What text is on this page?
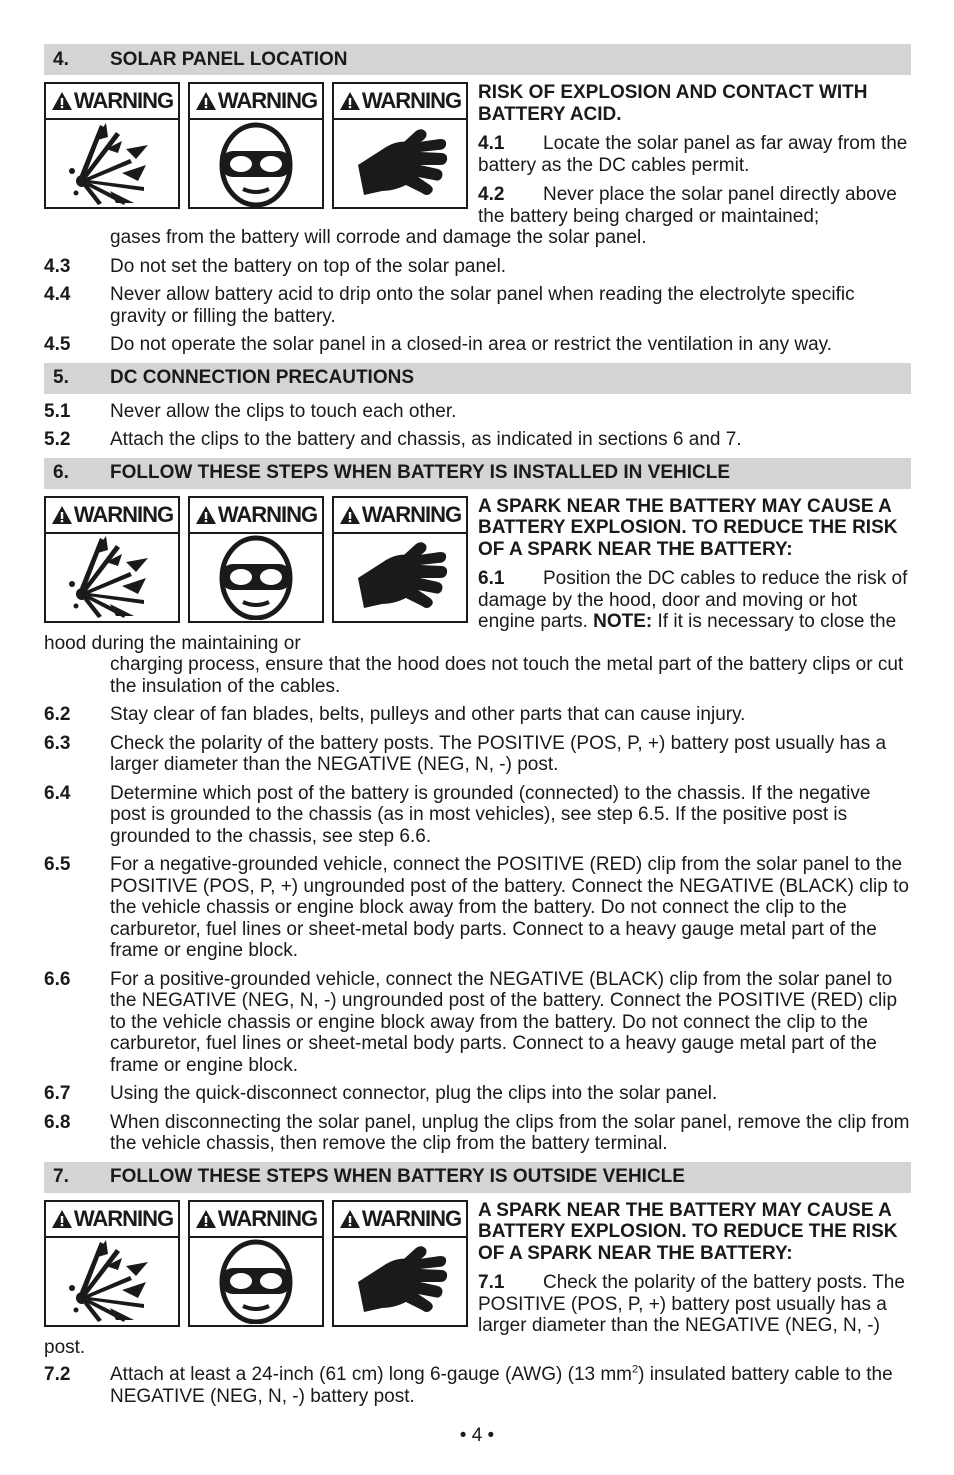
4.	SOLAR PANEL LOCATION
WARNING WARNING WARNING RISK OF EXPLOSION AND CONTACT WITH BATTERY ACID.
4.1 Locate the solar panel as far away from the battery as the DC cables permit.
4.2 Never place the solar panel directly above the battery being charged or maintained;
gases from the battery will corrode and damage the solar panel.
4.3	Do not set the battery on top of the solar panel.
4.4	Never allow battery acid to drip onto the solar panel when reading the electrolyte specific gravity or filling the battery.
4.5	Do not operate the solar panel in a closed-in area or restrict the ventilation in any way.
5.	DC CONNECTION PRECAUTIONS
5.1	Never allow the clips to touch each other.
5.2	Attach the clips to the battery and chassis, as indicated in sections 6 and 7.
6.	FOLLOW THESE STEPS WHEN BATTERY IS INSTALLED IN VEHICLE
WARNING WARNING WARNING A SPARK NEAR THE BATTERY MAY CAUSE A BATTERY EXPLOSION. TO REDUCE THE RISK OF A SPARK NEAR THE BATTERY:
6.1 Position the DC cables to reduce the risk of damage by the hood, door and moving or hot engine parts. NOTE: If it is necessary to close the hood during the maintaining or
charging process, ensure that the hood does not touch the metal part of the battery clips or cut the insulation of the cables.
6.2	Stay clear of fan blades, belts, pulleys and other parts that can cause injury.
6.3	Check the polarity of the battery posts. The POSITIVE (POS, P, +) battery post usually has a larger diameter than the NEGATIVE (NEG, N, -) post.
6.4	Determine which post of the battery is grounded (connected) to the chassis. If the negative post is grounded to the chassis (as in most vehicles), see step 6.5. If the positive post is grounded to the chassis, see step 6.6.
6.5	For a negative-grounded vehicle, connect the POSITIVE (RED) clip from the solar panel to the POSITIVE (POS, P, +) ungrounded post of the battery. Connect the NEGATIVE (BLACK) clip to the vehicle chassis or engine block away from the battery. Do not connect the clip to the carburetor, fuel lines or sheet-metal body parts. Connect to a heavy gauge metal part of the frame or engine block.
6.6	For a positive-grounded vehicle, connect the NEGATIVE (BLACK) clip from the solar panel to the NEGATIVE (NEG, N, -) ungrounded post of the battery. Connect the POSITIVE (RED) clip to the vehicle chassis or engine block away from the battery. Do not connect the clip to the carburetor, fuel lines or sheet-metal body parts. Connect to a heavy gauge metal part of the frame or engine block.
6.7	Using the quick-disconnect connector, plug the clips into the solar panel.
6.8	When disconnecting the solar panel, unplug the clips from the solar panel, remove the clip from the vehicle chassis, then remove the clip from the battery terminal.
7.	FOLLOW THESE STEPS WHEN BATTERY IS OUTSIDE VEHICLE
WARNING WARNING WARNING A SPARK NEAR THE BATTERY MAY CAUSE A BATTERY EXPLOSION. TO REDUCE THE RISK OF A SPARK NEAR THE BATTERY:
7.1 Check the polarity of the battery posts. The POSITIVE (POS, P, +) battery post usually has a larger diameter than the NEGATIVE (NEG, N, -) post.
7.2	Attach at least a 24-inch (61 cm) long 6-gauge (AWG) (13 $mm^2$) insulated battery cable to the NEGATIVE (NEG, N, -) battery post.
• 4 •
